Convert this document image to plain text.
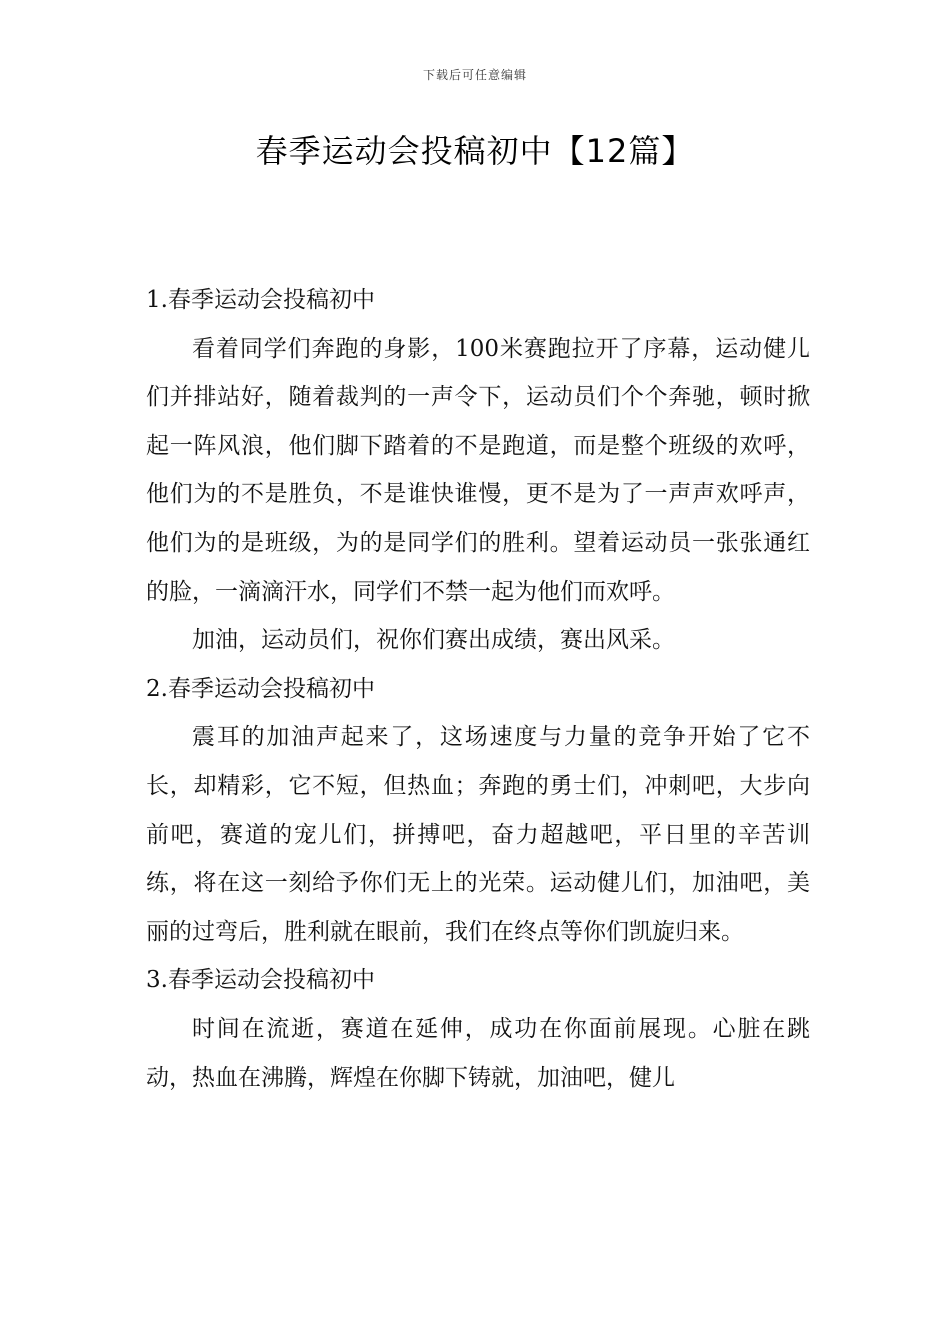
下载后可任意编辑
春季运动会投稿初中【12篇】
1.春季运动会投稿初中

看着同学们奔跑的身影，100米赛跑拉开了序幕，运动健儿们并排站好，随着裁判的一声令下，运动员们个个奔驰，顿时掀起一阵风浪，他们脚下踏着的不是跑道，而是整个班级的欢呼，他们为的不是胜负，不是谁快谁慢，更不是为了一声声欢呼声，他们为的是班级，为的是同学们的胜利。望着运动员一张张通红的脸，一滴滴汗水，同学们不禁一起为他们而欢呼。

加油，运动员们，祝你们赛出成绩，赛出风采。

2.春季运动会投稿初中

震耳的加油声起来了，这场速度与力量的竞争开始了它不长，却精彩，它不短，但热血；奔跑的勇士们，冲刺吧，大步向前吧，赛道的宠儿们，拼搏吧，奋力超越吧，平日里的辛苦训练，将在这一刻给予你们无上的光荣。运动健儿们，加油吧，美丽的过弯后，胜利就在眼前，我们在终点等你们凯旋归来。

3.春季运动会投稿初中

时间在流逝，赛道在延伸，成功在你面前展现。心脏在跳动，热血在沸腾，辉煌在你脚下铸就，加油吧，健儿
